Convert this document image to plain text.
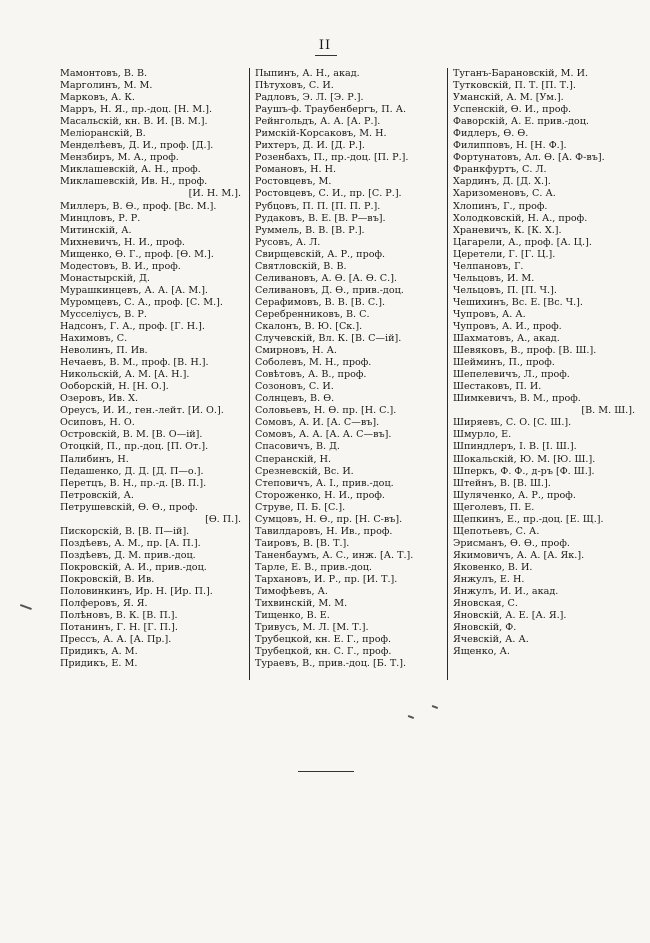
II
Мамонтовъ, В. В.
Марголинъ, М. М.
Марковъ, А. К.
Марръ, Н. Я., пр.-доц. [Н. М.].
Масальскій, кн. В. И. [В. М.].
Меліоранскій, В.
Менделѣевъ, Д. И., проф. [Д.].
Мензбиръ, М. А., проф.
Миклашевскій, А. Н., проф.
Миклашевскій, Ив. Н., проф.
[И. Н. М.].
Миллеръ, В. Ѳ., проф. [Вс. М.].
Минцловъ, Р. Р.
Митинскій, А.
Михневичъ, Н. И., проф.
Мищенко, Ѳ. Г., проф. [Ѳ. М.].
Модестовъ, В. И., проф.
Монастырскій, Д.
Мурашкинцевъ, А. А. [А. М.].
Муромцевъ, С. А., проф. [С. М.].
Мусселіусъ, В. Р.
Надсонъ, Г. А., проф. [Г. Н.].
Нахимовъ, С.
Неволинъ, П. Ив.
Нечаевъ, В. М., проф. [В. Н.].
Никольскій, А. М. [А. Н.].
Ооборскій, Н. [Н. О.].
Озеровъ, Ив. Х.
Ореусъ, И. И., ген.-лейт. [И. О.].
Осиповъ, Н. О.
Островскій, В. М. [В. О—ій].
Отоцкій, П., пр.-доц. [П. От.].
Палибинъ, Н.
Педашенко, Д. Д. [Д. П—о.].
Перетцъ, В. Н., пр.-д. [В. П.].
Петровскій, А.
Петрушевскій, Ѳ. Ѳ., проф.
[Ѳ. П.].
Пискорскій, В. [В. П—ій].
Поздѣевъ, А. М., пр. [А. П.].
Поздѣевъ, Д. М. прив.-доц.
Покровскій, А. И., прив.-доц.
Покровскій, В. Ив.
Половинкинъ, Ир. Н. [Ир. П.].
Полферовъ, Я. Я.
Полѣновъ, В. К. [В. П.].
Потанинъ, Г. Н. [Г. П.].
Прессъ, А. А. [А. Пр.].
Придикъ, А. М.
Придикъ, Е. М.
Пыпинъ, А. Н., акад.
Пѣтуховъ, С. И.
Радловъ, Э. Л. [Э. Р.].
Раушъ-ф. Траубенбергъ, П. А.
Рейнгольдъ, А. А. [А. Р.].
Римскій-Корсаковъ, М. Н.
Рихтеръ, Д. И. [Д. Р.].
Розенбахъ, П., пр.-доц. [П. Р.].
Романовъ, Н. Н.
Ростовцевъ, М.
Ростовцевъ, С. И., пр. [С. Р.].
Рубцовъ, П. П. [П. П. Р.].
Рудаковъ, В. Е. [В. Р—въ].
Руммель, В. В. [В. Р.].
Русовъ, А. Л.
Свирщевскій, А. Р., проф.
Святловскій, В. В.
Селивановъ, А. Ѳ. [А. Ѳ. С.].
Селивановъ, Д. Ѳ., прив.-доц.
Серафимовъ, В. В. [В. С.].
Серебренниковъ, В. С.
Скалонъ, В. Ю. [Ск.].
Случевскій, Вл. К. [В. С—ій].
Смирновъ, Н. А.
Соболевъ, М. Н., проф.
Совѣтовъ, А. В., проф.
Созоновъ, С. И.
Солнцевъ, В. Ѳ.
Соловьевъ, Н. Ѳ. пр. [Н. С.].
Сомовъ, А. И. [А. С—въ].
Сомовъ, А. А. [А. А. С—въ].
Спасовичъ, В. Д.
Сперанскій, Н.
Срезневскій, Вс. И.
Степовичъ, А. І., прив.-доц.
Стороженко, Н. И., проф.
Струве, П. Б. [С.].
Сумцовъ, Н. Ѳ., пр. [Н. С-въ].
Тавилдаровъ, Н. Ив., проф.
Таировъ, В. [В. Т.].
Таненбаумъ, А. С., инж. [А. Т.].
Тарле, Е. В., прив.-доц.
Тархановъ, И. Р., пр. [И. Т.].
Тимофѣевъ, А.
Тихвинскій, М. М.
Тищенко, В. Е.
Тривусъ, М. Л. [М. Т.].
Трубецкой, кн. Е. Г., проф.
Трубецкой, кн. С. Г., проф.
Тураевъ, В., прив.-доц. [Б. Т.].
Туганъ-Барановскій, М. И.
Тутковскій, П. Т. [П. Т.].
Уманскій, А. М. [Ум.].
Успенскій, Ѳ. И., проф.
Фаворскій, А. Е. прив.-доц.
Фидлеръ, Ѳ. Ѳ.
Филипповъ, Н. [Н. Ф.].
Фортунатовъ, Ал. Ѳ. [А. Ф-въ].
Франкфуртъ, С. Л.
Хардинъ, Д. [Д. Х.].
Харизоменовъ, С. А.
Хлопинъ, Г., проф.
Холодковскій, Н. А., проф.
Храневичъ, К. [К. Х.].
Цагарели, А., проф. [А. Ц.].
Церетели, Г. [Г. Ц.].
Челпановъ, Г.
Чельцовъ, И. М.
Чельцовъ, П. [П. Ч.].
Чешихинъ, Вс. Е. [Вс. Ч.].
Чупровъ, А. А.
Чупровъ, А. И., проф.
Шахматовъ, А., акад.
Шевяковъ, В., проф. [В. Ш.].
Шейминъ, П., проф.
Шепелевичъ, Л., проф.
Шестаковъ, П. И.
Шимкевичъ, В. М., проф.
[В. М. Ш.].
Ширяевъ, С. О. [С. Ш.].
Шмурло, Е.
Шпиндлеръ, I. В. [I. Ш.].
Шокальскій, Ю. М. [Ю. Ш.].
Шперкъ, Ф. Ф., д-ръ [Ф. Ш.].
Штейнъ, В. [В. Ш.].
Шуляченко, А. Р., проф.
Щеголевъ, П. Е.
Щепкинъ, Е., пр.-доц. [Е. Щ.].
Щепотьевъ, С. А.
Эрисманъ, Ѳ. Ѳ., проф.
Якимовичъ, А. А. [А. Як.].
Яковенко, В. И.
Янжулъ, Е. Н.
Янжулъ, И. И., акад.
Яновская, С.
Яновскій, А. Е. [А. Я.].
Яновскій, Ф.
Ячевскій, А. А.
Ященко, А.
